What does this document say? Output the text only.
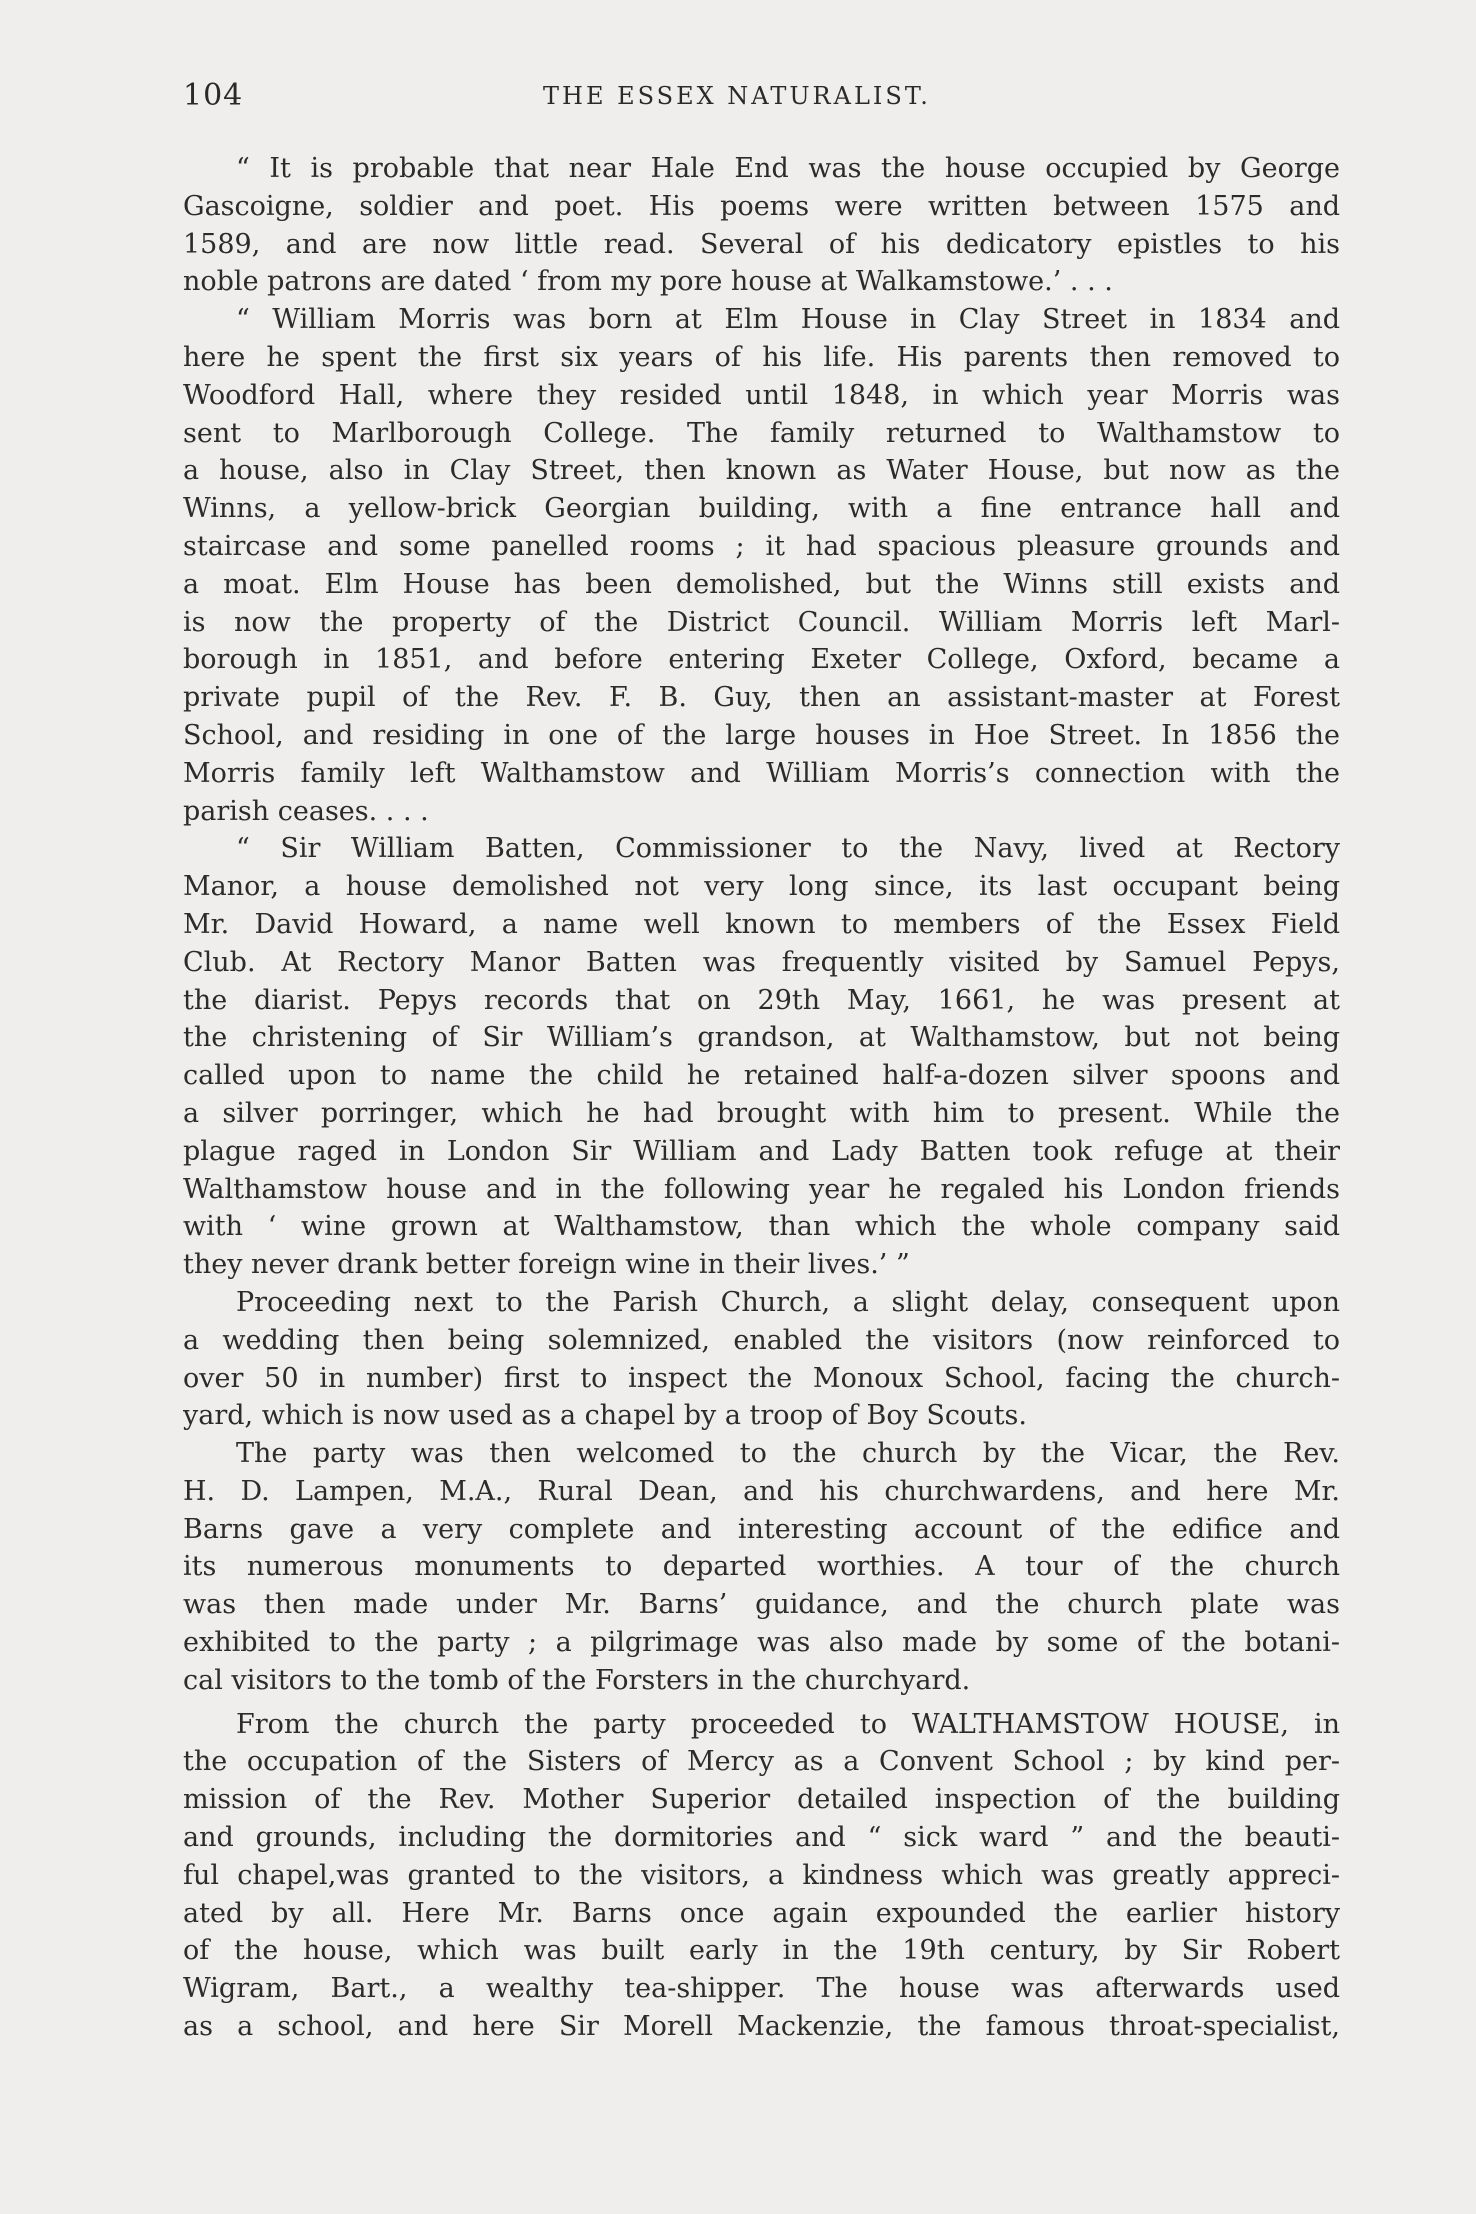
104	THE ESSEX NATURALIST.
“ It is probable that near Hale End was the house occupied by George
Gascoigne, soldier and poet. His poems were written between 1575 and
1589, and are now little read. Several of his dedicatory epistles to his
noble patrons are dated ‘ from my pore house at Walkamstowe.’ . . .
“ William Morris was born at Elm House in Clay Street in 1834 and
here he spent the first six years of his life. His parents then removed to
Woodford Hall, where they resided until 1848, in which year Morris was
sent to Marlborough College. The family returned to Walthamstow to
a house, also in Clay Street, then known as Water House, but now as the
Winns, a yellow-brick Georgian building, with a fine entrance hall and
staircase and some panelled rooms ; it had spacious pleasure grounds and
a moat. Elm House has been demolished, but the Winns still exists and
is now the property of the District Council. William Morris left Marl-
borough in 1851, and before entering Exeter College, Oxford, became a
private pupil of the Rev. F. B. Guy, then an assistant-master at Forest
School, and residing in one of the large houses in Hoe Street. In 1856 the
Morris family left Walthamstow and William Morris’s connection with the
parish ceases. . . .
“ Sir William Batten, Commissioner to the Navy, lived at Rectory
Manor, a house demolished not very long since, its last occupant being
Mr. David Howard, a name well known to members of the Essex Field
Club. At Rectory Manor Batten was frequently visited by Samuel Pepys,
the diarist. Pepys records that on 29th May, 1661, he was present at
the christening of Sir William’s grandson, at Walthamstow, but not being
called upon to name the child he retained half-a-dozen silver spoons and
a silver porringer, which he had brought with him to present. While the
plague raged in London Sir William and Lady Batten took refuge at their
Walthamstow house and in the following year he regaled his London friends
with ‘ wine grown at Walthamstow, than which the whole company said
they never drank better foreign wine in their lives.’ ”
Proceeding next to the Parish Church, a slight delay, consequent upon
a wedding then being solemnized, enabled the visitors (now reinforced to
over 50 in number) first to inspect the Monoux School, facing the church-
yard, which is now used as a chapel by a troop of Boy Scouts.
The party was then welcomed to the church by the Vicar, the Rev.
H. D. Lampen, M.A., Rural Dean, and his churchwardens, and here Mr.
Barns gave a very complete and interesting account of the edifice and
its numerous monuments to departed worthies. A tour of the church
was then made under Mr. Barns’ guidance, and the church plate was
exhibited to the party ; a pilgrimage was also made by some of the botani-
cal visitors to the tomb of the Forsters in the churchyard.
From the church the party proceeded to WALTHAMSTOW HOUSE, in
the occupation of the Sisters of Mercy as a Convent School ; by kind per-
mission of the Rev. Mother Superior detailed inspection of the building
and grounds, including the dormitories and “ sick ward ” and the beauti-
ful chapel,was granted to the visitors, a kindness which was greatly appreci-
ated by all. Here Mr. Barns once again expounded the earlier history
of the house, which was built early in the 19th century, by Sir Robert
Wigram, Bart., a wealthy tea-shipper. The house was afterwards used
as a school, and here Sir Morell Mackenzie, the famous throat-specialist,
